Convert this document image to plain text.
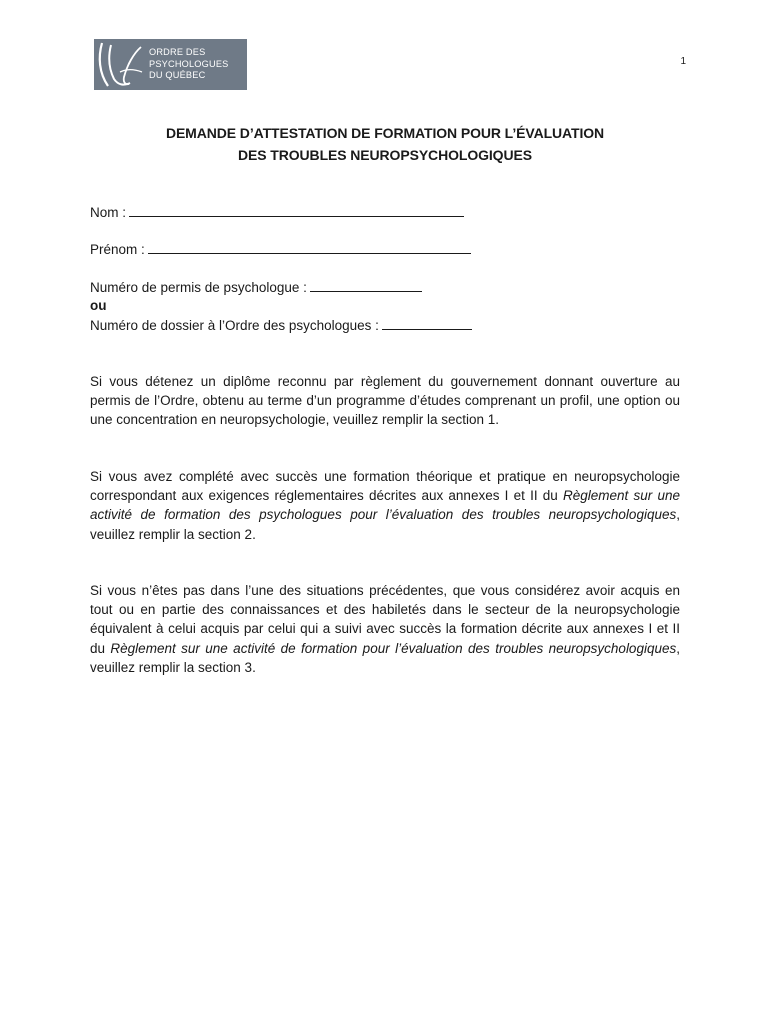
ORDRE DES
PSYCHOLOGUES
DU QUÉBEC
1
DEMANDE D’ATTESTATION DE FORMATION POUR L’ÉVALUATION
DES TROUBLES NEUROPSYCHOLOGIQUES
Nom :
Prénom :
Numéro de permis de psychologue :
ou
Numéro de dossier à l’Ordre des psychologues :
Si vous détenez un diplôme reconnu par règlement du gouvernement donnant ouverture au permis de l’Ordre, obtenu au terme d’un programme d’études comprenant un profil, une option ou une concentration en neuropsychologie, veuillez remplir la section 1.
Si vous avez complété avec succès une formation théorique et pratique en neuropsychologie correspondant aux exigences réglementaires décrites aux annexes I et II du Règlement sur une activité de formation des psychologues pour l’évaluation des troubles neuropsychologiques, veuillez remplir la section 2.
Si vous n’êtes pas dans l’une des situations précédentes, que vous considérez avoir acquis en tout ou en partie des connaissances et des habiletés dans le secteur de la neuropsychologie équivalent à celui acquis par celui qui a suivi avec succès la formation décrite aux annexes I et II du Règlement sur une activité de formation pour l’évaluation des troubles neuropsychologiques, veuillez remplir la section 3.
